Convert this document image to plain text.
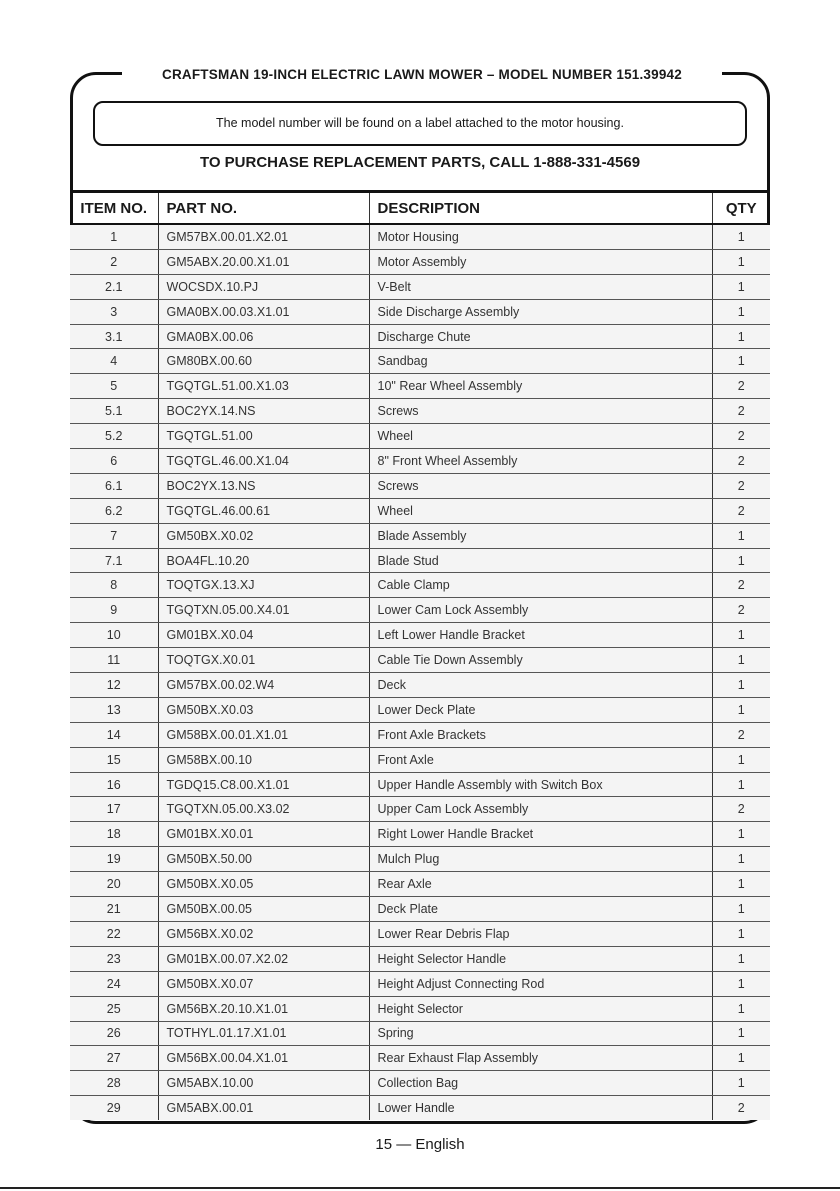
CRAFTSMAN 19-INCH ELECTRIC LAWN MOWER – MODEL NUMBER 151.39942
The model number will be found on a label attached to the motor housing.
TO PURCHASE REPLACEMENT PARTS, CALL 1-888-331-4569
ITEM NO.	PART NO.	DESCRIPTION	QTY
1	GM57BX.00.01.X2.01	Motor Housing	1
2	GM5ABX.20.00.X1.01	Motor Assembly	1
2.1	WOCSDX.10.PJ	V-Belt	1
3	GMA0BX.00.03.X1.01	Side Discharge Assembly	1
3.1	GMA0BX.00.06	Discharge Chute	1
4	GM80BX.00.60	Sandbag	1
5	TGQTGL.51.00.X1.03	10" Rear Wheel Assembly	2
5.1	BOC2YX.14.NS	Screws	2
5.2	TGQTGL.51.00	Wheel	2
6	TGQTGL.46.00.X1.04	8" Front Wheel Assembly	2
6.1	BOC2YX.13.NS	Screws	2
6.2	TGQTGL.46.00.61	Wheel	2
7	GM50BX.X0.02	Blade Assembly	1
7.1	BOA4FL.10.20	Blade Stud	1
8	TOQTGX.13.XJ	Cable Clamp	2
9	TGQTXN.05.00.X4.01	Lower Cam Lock Assembly	2
10	GM01BX.X0.04	Left Lower Handle Bracket	1
11	TOQTGX.X0.01	Cable Tie Down Assembly	1
12	GM57BX.00.02.W4	Deck	1
13	GM50BX.X0.03	Lower Deck Plate	1
14	GM58BX.00.01.X1.01	Front Axle Brackets	2
15	GM58BX.00.10	Front Axle	1
16	TGDQ15.C8.00.X1.01	Upper Handle Assembly with Switch Box	1
17	TGQTXN.05.00.X3.02	Upper Cam Lock Assembly	2
18	GM01BX.X0.01	Right Lower Handle Bracket	1
19	GM50BX.50.00	Mulch Plug	1
20	GM50BX.X0.05	Rear Axle	1
21	GM50BX.00.05	Deck Plate	1
22	GM56BX.X0.02	Lower Rear Debris Flap	1
23	GM01BX.00.07.X2.02	Height Selector Handle	1
24	GM50BX.X0.07	Height Adjust Connecting Rod	1
25	GM56BX.20.10.X1.01	Height Selector	1
26	TOTHYL.01.17.X1.01	Spring	1
27	GM56BX.00.04.X1.01	Rear Exhaust Flap Assembly	1
28	GM5ABX.10.00	Collection Bag	1
29	GM5ABX.00.01	Lower Handle	2
15 — English
